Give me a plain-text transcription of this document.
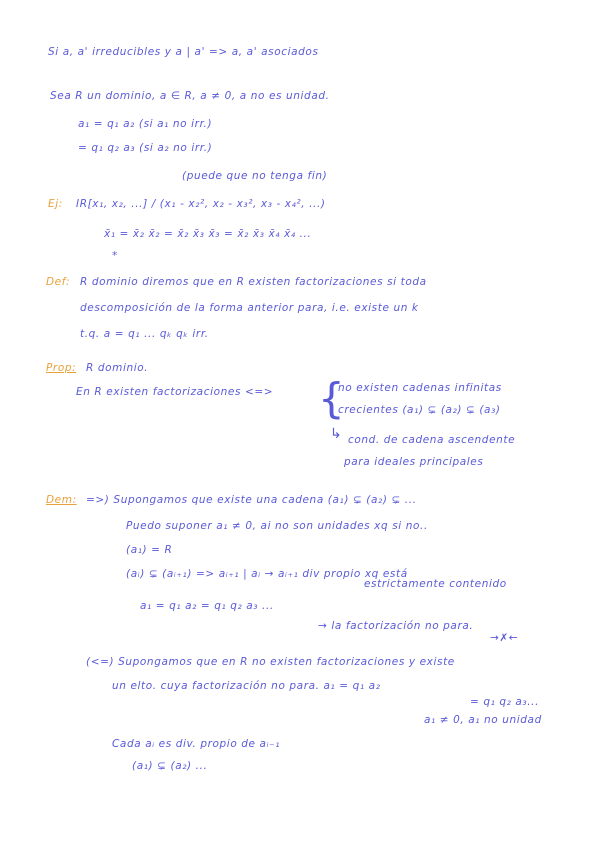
Si a, a' irreducibles y a | a' => a, a' asociados
Sea R un dominio, a ∈ R, a ≠ 0, a no es unidad.
a₁ = q₁ a₂ (si a₁ no irr.)
= q₁ q₂ a₃ (si a₂ no irr.)
(puede que no tenga fin)
Ej: IR[x₁, x₂, ...] / (x₁ - x₂², x₂ - x₃², x₃ - x₄², ...)
x̄₁ = x̄₂ x̄₂ = x̄₂ x̄₃ x̄₃ = x̄₂ x̄₃ x̄₄ x̄₄ ...
*
Def: R dominio diremos que en R existen factorizaciones si toda
descomposición de la forma anterior para, i.e. existe un k
t.q. a = q₁ ... qₖ qₖ irr.
Prop: R dominio.
En R existen factorizaciones <=> {
no existen cadenas infinitas
crecientes (a₁) ⊊ (a₂) ⊊ (a₃)
↳ cond. de cadena ascendente
para ideales principales
Dem: =>) Supongamos que existe una cadena (a₁) ⊊ (a₂) ⊊ ...
Puedo suponer a₁ ≠ 0, ai no son unidades xq si no..
(a₁) = R
(aᵢ) ⊊ (aᵢ₊₁) => aᵢ₊₁ | aᵢ → aᵢ₊₁ div propio xq está
estrictamente contenido
a₁ = q₁ a₂ = q₁ q₂ a₃ ...
→ la factorización no para.
→✗←
(<=) Supongamos que en R no existen factorizaciones y existe
un elto. cuya factorización no para. a₁ = q₁ a₂
= q₁ q₂ a₃...
a₁ ≠ 0, a₁ no unidad
Cada aᵢ es div. propio de aᵢ₋₁
(a₁) ⊊ (a₂) ...
